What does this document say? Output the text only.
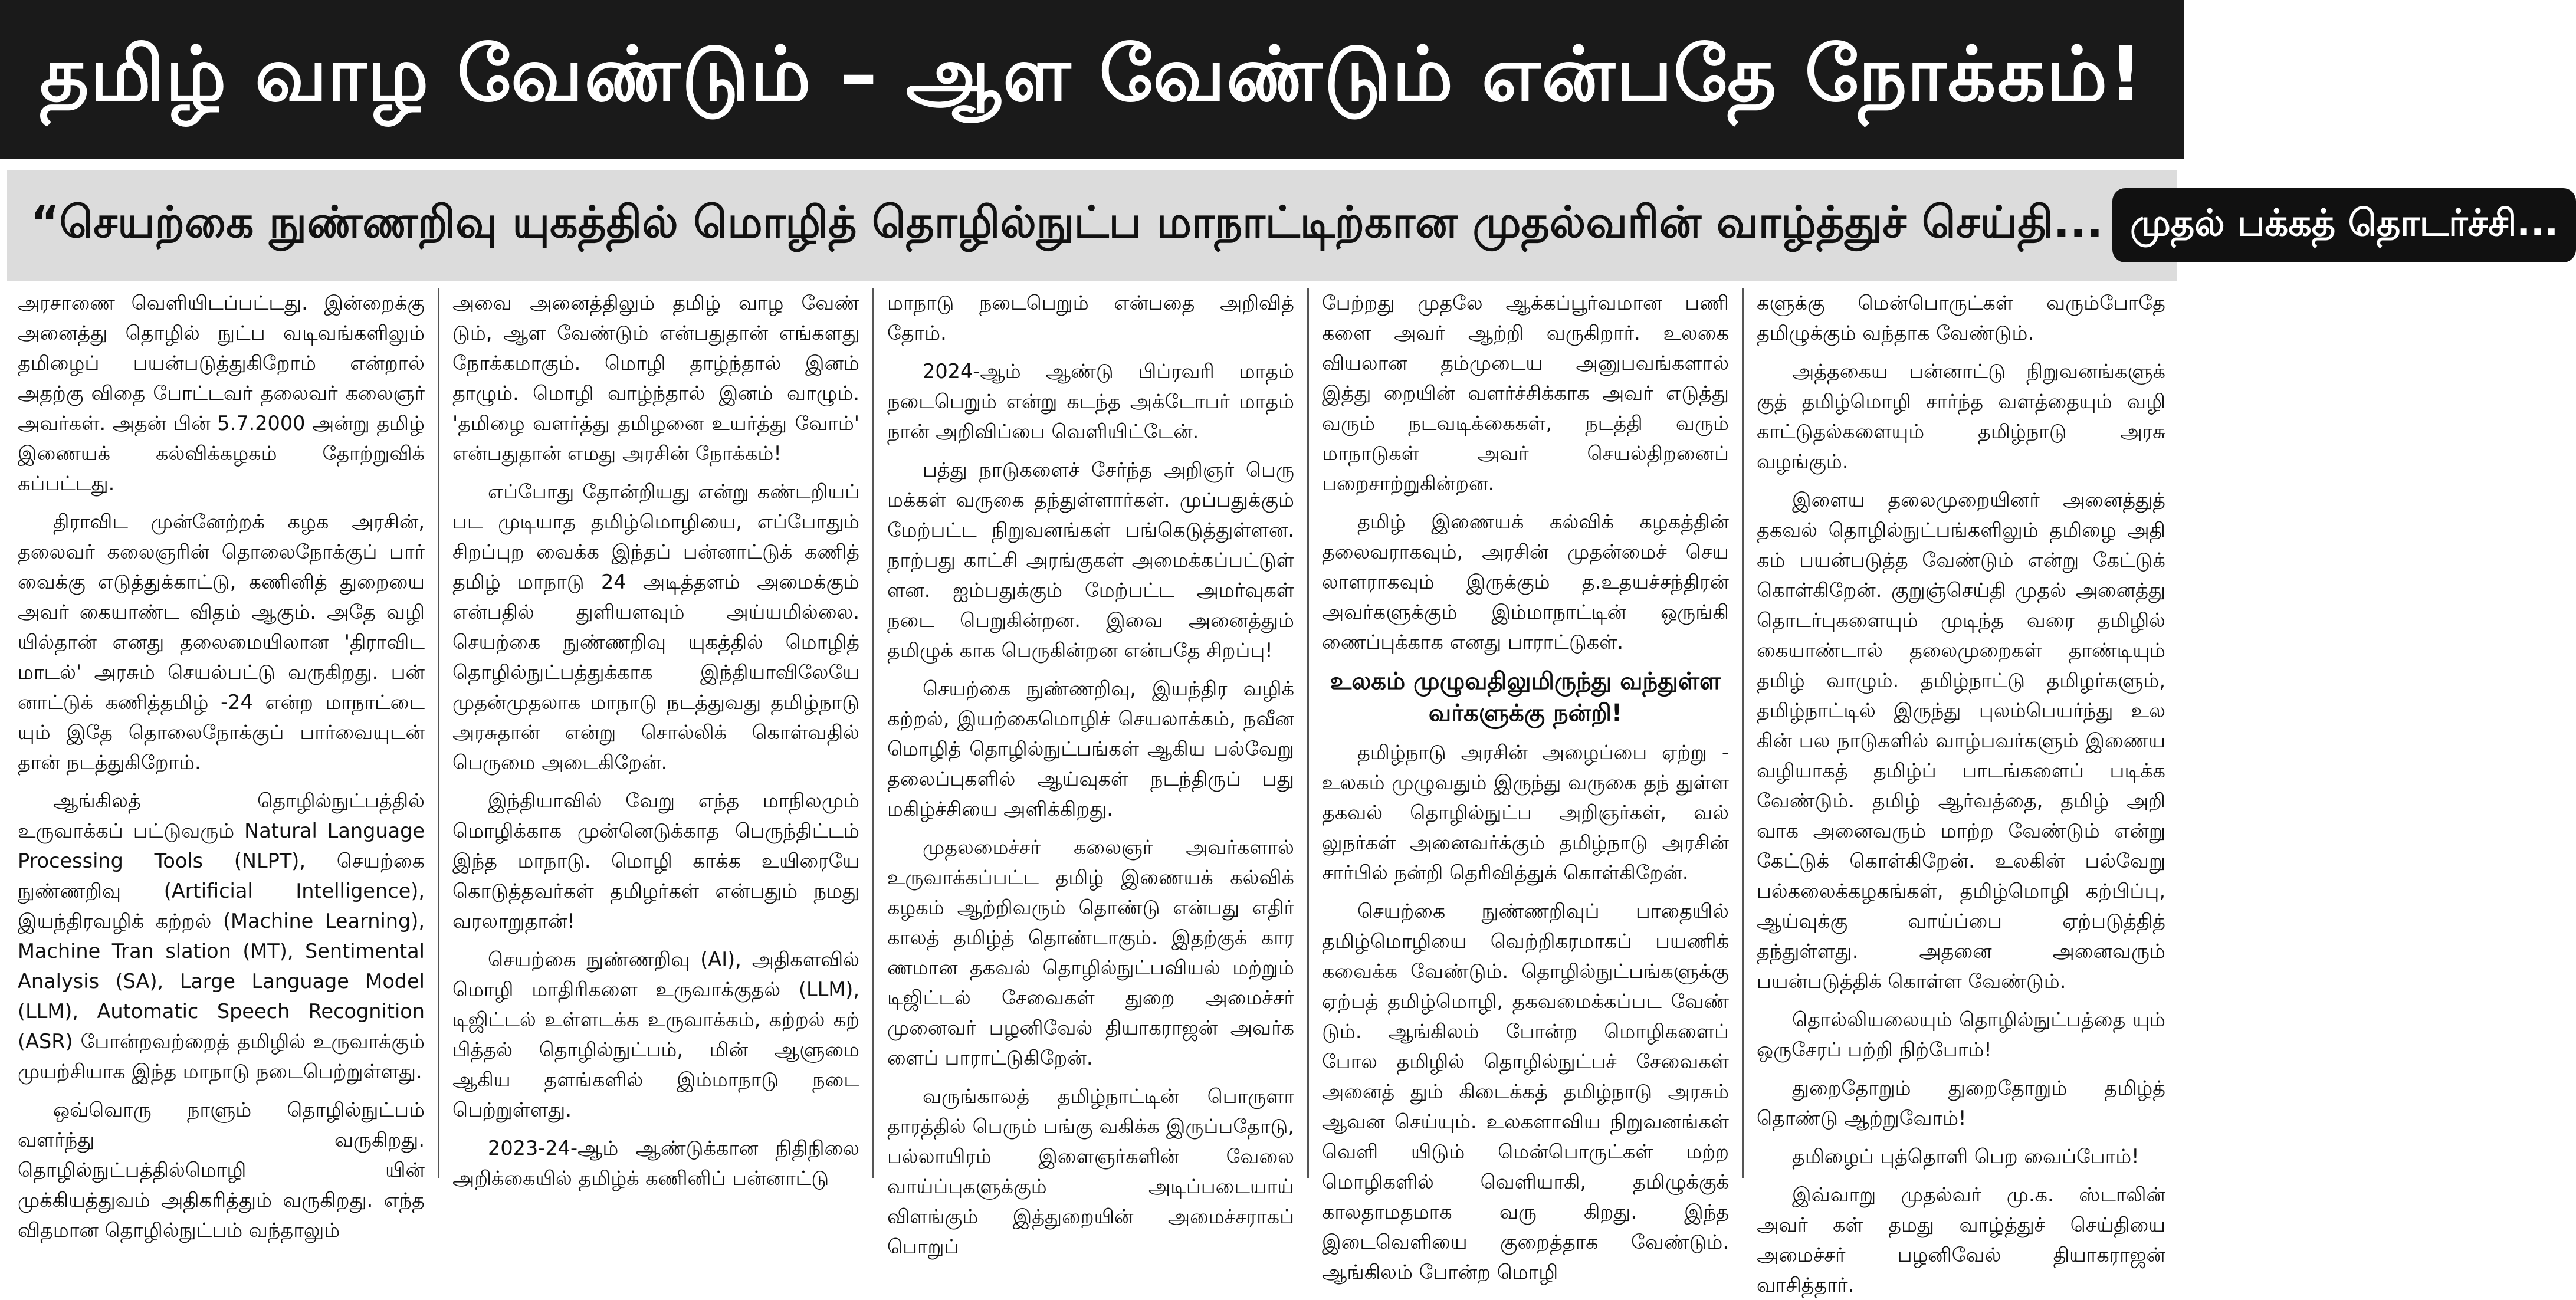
தமிழ் வாழ வேண்டும் – ஆள வேண்டும் என்பதே நோக்கம்!
“செயற்கை நுண்ணறிவு யுகத்தில் மொழித் தொழில்நுட்ப மாநாட்டிற்கான முதல்வரின் வாழ்த்துச் செய்தி... முதல் பக்கத் தொடர்ச்சி...

அரசாணை வெளியிடப்பட்டது. இன்றைக்கு அனைத்து தொழில் நுட்ப வடிவங்களிலும் தமிழைப் பயன்படுத்துகிறோம் என்றால் அதற்கு விதை போட்டவர் தலைவர் கலைஞர் அவர்கள். அதன் பின் 5.7.2000 அன்று தமிழ் இணையக் கல்விக்கழகம் தோற்றுவிக் கப்பட்டது.

திராவிட முன்னேற்றக் கழக அரசின், தலைவர் கலைஞரின் தொலைநோக்குப் பார் வைக்கு எடுத்துக்காட்டு, கணினித் துறையை அவர் கையாண்ட விதம் ஆகும். அதே வழி யில்தான் எனது தலைமையிலான 'திராவிட மாடல்' அரசும் செயல்பட்டு வருகிறது. பன் னாட்டுக் கணித்தமிழ் -24 என்ற மாநாட்டை யும் இதே தொலைநோக்குப் பார்வையுடன் தான் நடத்துகிறோம்.

ஆங்கிலத் தொழில்நுட்பத்தில் உருவாக்கப் பட்டுவரும் Natural Language Processing Tools (NLPT), செயற்கை நுண்ணறிவு (Artificial Intelligence), இயந்திரவழிக் கற்றல் (Machine Learning), Machine Tran slation (MT), Sentimental Analysis (SA), Large Language Model (LLM), Automatic Speech Recognition (ASR) போன்றவற்றைத் தமிழில் உருவாக்கும் முயற்சியாக இந்த மாநாடு நடைபெற்றுள்ளது.

ஒவ்வொரு நாளும் தொழில்நுட்பம் வளர்ந்து வருகிறது. தொழில்நுட்பத்தில்மொழி யின் முக்கியத்துவம் அதிகரித்தும் வருகிறது. எந்த விதமான தொழில்நுட்பம் வந்தாலும்

அவை அனைத்திலும் தமிழ் வாழ வேண் டும், ஆள வேண்டும் என்பதுதான் எங்களது நோக்கமாகும். மொழி தாழ்ந்தால் இனம் தாழும். மொழி வாழ்ந்தால் இனம் வாழும். 'தமிழை வளர்த்து தமிழனை உயர்த்து வோம்' என்பதுதான் எமது அரசின் நோக்கம்!

எப்போது தோன்றியது என்று கண்டறியப் பட முடியாத தமிழ்மொழியை, எப்போதும் சிறப்புற வைக்க இந்தப் பன்னாட்டுக் கணித் தமிழ் மாநாடு 24 அடித்தளம் அமைக்கும் என்பதில் துளியளவும் அய்யமில்லை. செயற்கை நுண்ணறிவு யுகத்தில் மொழித் தொழில்நுட்பத்துக்காக இந்தியாவிலேயே முதன்முதலாக மாநாடு நடத்துவது தமிழ்நாடு அரசுதான் என்று சொல்லிக் கொள்வதில் பெருமை அடைகிறேன்.

இந்தியாவில் வேறு எந்த மாநிலமும் மொழிக்காக முன்னெடுக்காத பெருந்திட்டம் இந்த மாநாடு. மொழி காக்க உயிரையே கொடுத்தவர்கள் தமிழர்கள் என்பதும் நமது வரலாறுதான்!

செயற்கை நுண்ணறிவு (AI), அதிகளவில் மொழி மாதிரிகளை உருவாக்குதல் (LLM), டிஜிட்டல் உள்ளடக்க உருவாக்கம், கற்றல் கற் பித்தல் தொழில்நுட்பம், மின் ஆளுமை ஆகிய தளங்களில் இம்மாநாடு நடை பெற்றுள்ளது.

2023-24-ஆம் ஆண்டுக்கான நிதிநிலை அறிக்கையில் தமிழ்க் கணினிப் பன்னாட்டு

மாநாடு நடைபெறும் என்பதை அறிவித் தோம்.

2024-ஆம் ஆண்டு பிப்ரவரி மாதம் நடைபெறும் என்று கடந்த அக்டோபர் மாதம் நான் அறிவிப்பை வெளியிட்டேன்.

பத்து நாடுகளைச் சேர்ந்த அறிஞர் பெரு மக்கள் வருகை தந்துள்ளார்கள். முப்பதுக்கும் மேற்பட்ட நிறுவனங்கள் பங்கெடுத்துள்ளன. நாற்பது காட்சி அரங்குகள் அமைக்கப்பட்டுள் ளன. ஐம்பதுக்கும் மேற்பட்ட அமர்வுகள் நடை பெறுகின்றன. இவை அனைத்தும் தமிழுக் காக பெருகின்றன என்பதே சிறப்பு!

செயற்கை நுண்ணறிவு, இயந்திர வழிக் கற்றல், இயற்கைமொழிச் செயலாக்கம், நவீன மொழித் தொழில்நுட்பங்கள் ஆகிய பல்வேறு தலைப்புகளில் ஆய்வுகள் நடந்திருப் பது மகிழ்ச்சியை அளிக்கிறது.

முதலமைச்சர் கலைஞர் அவர்களால் உருவாக்கப்பட்ட தமிழ் இணையக் கல்விக் கழகம் ஆற்றிவரும் தொண்டு என்பது எதிர் காலத் தமிழ்த் தொண்டாகும். இதற்குக் கார ணமான தகவல் தொழில்நுட்பவியல் மற்றும் டிஜிட்டல் சேவைகள் துறை அமைச்சர் முனைவர் பழனிவேல் தியாகராஜன் அவர்க ளைப் பாராட்டுகிறேன்.

வருங்காலத் தமிழ்நாட்டின் பொருளா தாரத்தில் பெரும் பங்கு வகிக்க இருப்பதோடு, பல்லாயிரம் இளைஞர்களின் வேலை வாய்ப்புகளுக்கும் அடிப்படையாய் விளங்கும் இத்துறையின் அமைச்சராகப் பொறுப்

பேற்றது முதலே ஆக்கப்பூர்வமான பணி களை அவர் ஆற்றி வருகிறார். உலகை வியலான தம்முடைய அனுபவங்களால் இத்து றையின் வளர்ச்சிக்காக அவர் எடுத்து வரும் நடவடிக்கைகள், நடத்தி வரும் மாநாடுகள் அவர் செயல்திறனைப் பறைசாற்றுகின்றன.

தமிழ் இணையக் கல்விக் கழகத்தின் தலைவராகவும், அரசின் முதன்மைச் செய லாளராகவும் இருக்கும் த.உதயச்சந்திரன் அவர்களுக்கும் இம்மாநாட்டின் ஒருங்கி ணைப்புக்காக எனது பாராட்டுகள்.

உலகம் முழுவதிலுமிருந்து வந்துள்ள வர்களுக்கு நன்றி!

தமிழ்நாடு அரசின் அழைப்பை ஏற்று - உலகம் முழுவதும் இருந்து வருகை தந் துள்ள தகவல் தொழில்நுட்ப அறிஞர்கள், வல் லுநர்கள் அனைவர்க்கும் தமிழ்நாடு அரசின் சார்பில் நன்றி தெரிவித்துக் கொள்கிறேன்.

செயற்கை நுண்ணறிவுப் பாதையில் தமிழ்மொழியை வெற்றிகரமாகப் பயணிக் கவைக்க வேண்டும். தொழில்நுட்பங்களுக்கு ஏற்பத் தமிழ்மொழி, தகவமைக்கப்பட வேண் டும். ஆங்கிலம் போன்ற மொழிகளைப் போல தமிழில் தொழில்நுட்பச் சேவைகள் அனைத் தும் கிடைக்கத் தமிழ்நாடு அரசும் ஆவன செய்யும். உலகளாவிய நிறுவனங்கள் வெளி யிடும் மென்பொருட்கள் மற்ற மொழிகளில் வெளியாகி, தமிழுக்குக் காலதாமதமாக வரு கிறது. இந்த இடைவெளியை குறைத்தாக வேண்டும். ஆங்கிலம் போன்ற மொழி

களுக்கு மென்பொருட்கள் வரும்போதே தமிழுக்கும் வந்தாக வேண்டும்.

அத்தகைய பன்னாட்டு நிறுவனங்களுக் குத் தமிழ்மொழி சார்ந்த வளத்தையும் வழி காட்டுதல்களையும் தமிழ்நாடு அரசு வழங்கும்.

இளைய தலைமுறையினர் அனைத்துத் தகவல் தொழில்நுட்பங்களிலும் தமிழை அதி கம் பயன்படுத்த வேண்டும் என்று கேட்டுக் கொள்கிறேன். குறுஞ்செய்தி முதல் அனைத்து தொடர்புகளையும் முடிந்த வரை தமிழில் கையாண்டால் தலைமுறைகள் தாண்டியும் தமிழ் வாழும். தமிழ்நாட்டு தமிழர்களும், தமிழ்நாட்டில் இருந்து புலம்பெயர்ந்து உல கின் பல நாடுகளில் வாழ்பவர்களும் இணைய வழியாகத் தமிழ்ப் பாடங்களைப் படிக்க வேண்டும். தமிழ் ஆர்வத்தை, தமிழ் அறி வாக அனைவரும் மாற்ற வேண்டும் என்று கேட்டுக் கொள்கிறேன். உலகின் பல்வேறு பல்கலைக்கழகங்கள், தமிழ்மொழி கற்பிப்பு, ஆய்வுக்கு வாய்ப்பை ஏற்படுத்தித் தந்துள்ளது. அதனை அனைவரும் பயன்படுத்திக் கொள்ள வேண்டும்.

தொல்லியலையும் தொழில்நுட்பத்தை யும் ஒருசேரப் பற்றி நிற்போம்!

துறைதோறும் துறைதோறும் தமிழ்த் தொண்டு ஆற்றுவோம்!

தமிழைப் புத்தொளி பெற வைப்போம்!

இவ்வாறு முதல்வர் மு.க. ஸ்டாலின் அவர் கள் தமது வாழ்த்துச் செய்தியை அமைச்சர் பழனிவேல் தியாகராஜன் வாசித்தார்.
